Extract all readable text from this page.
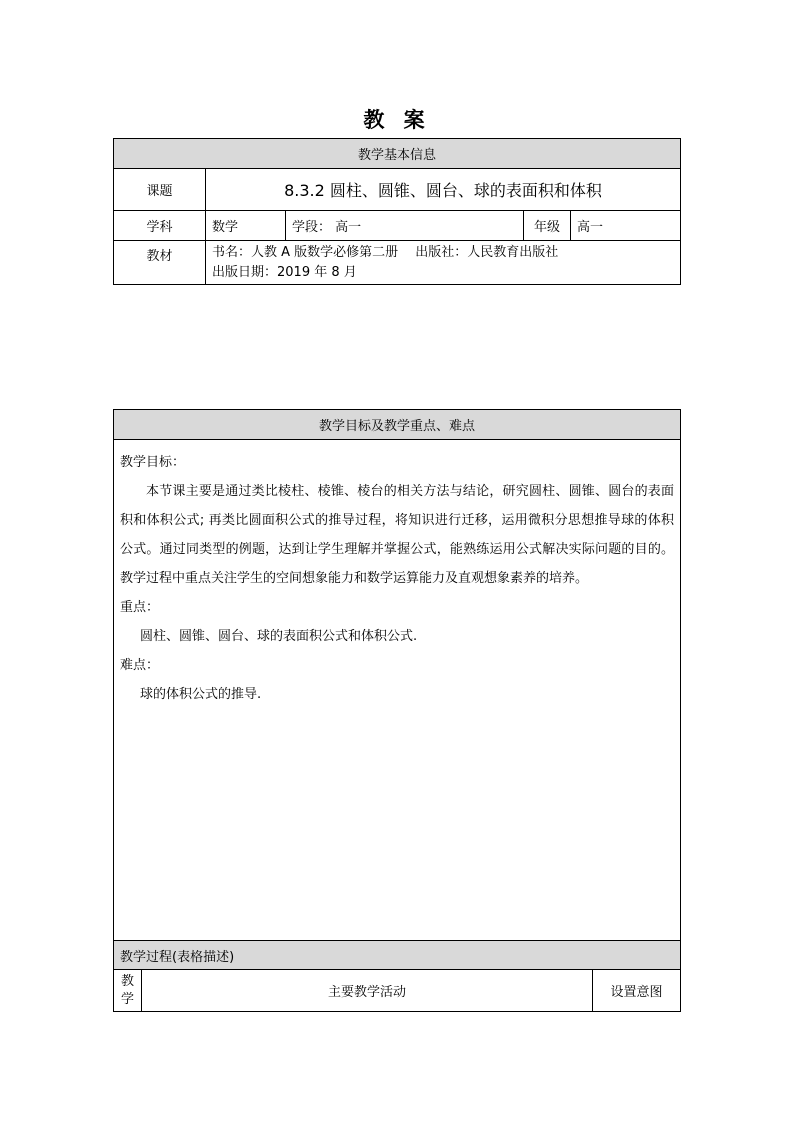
教 案
教学基本信息				
课题	8.3.2 圆柱、圆锥、圆台、球的表面积和体积			
学科	数学	学段： 高一	年级	高一
教材	书名：人教 A 版数学必修第二册　 出版社：人民教育出版社
出版日期：2019 年 8 月			
教学目标及教学重点、难点

教学目标：

本节课主要是通过类比棱柱、棱锥、棱台的相关方法与结论，研究圆柱、圆锥、圆台的表面积和体积公式; 再类比圆面积公式的推导过程，将知识进行迁移，运用微积分思想推导球的体积公式。通过同类型的例题，达到让学生理解并掌握公式，能熟练运用公式解决实际问题的目的。教学过程中重点关注学生的空间想象能力和数学运算能力及直观想象素养的培养。

重点：

圆柱、圆锥、圆台、球的表面积公式和体积公式.

难点：

球的体积公式的推导.

教学过程(表格描述)

教
学	主要教学活动	设置意图
